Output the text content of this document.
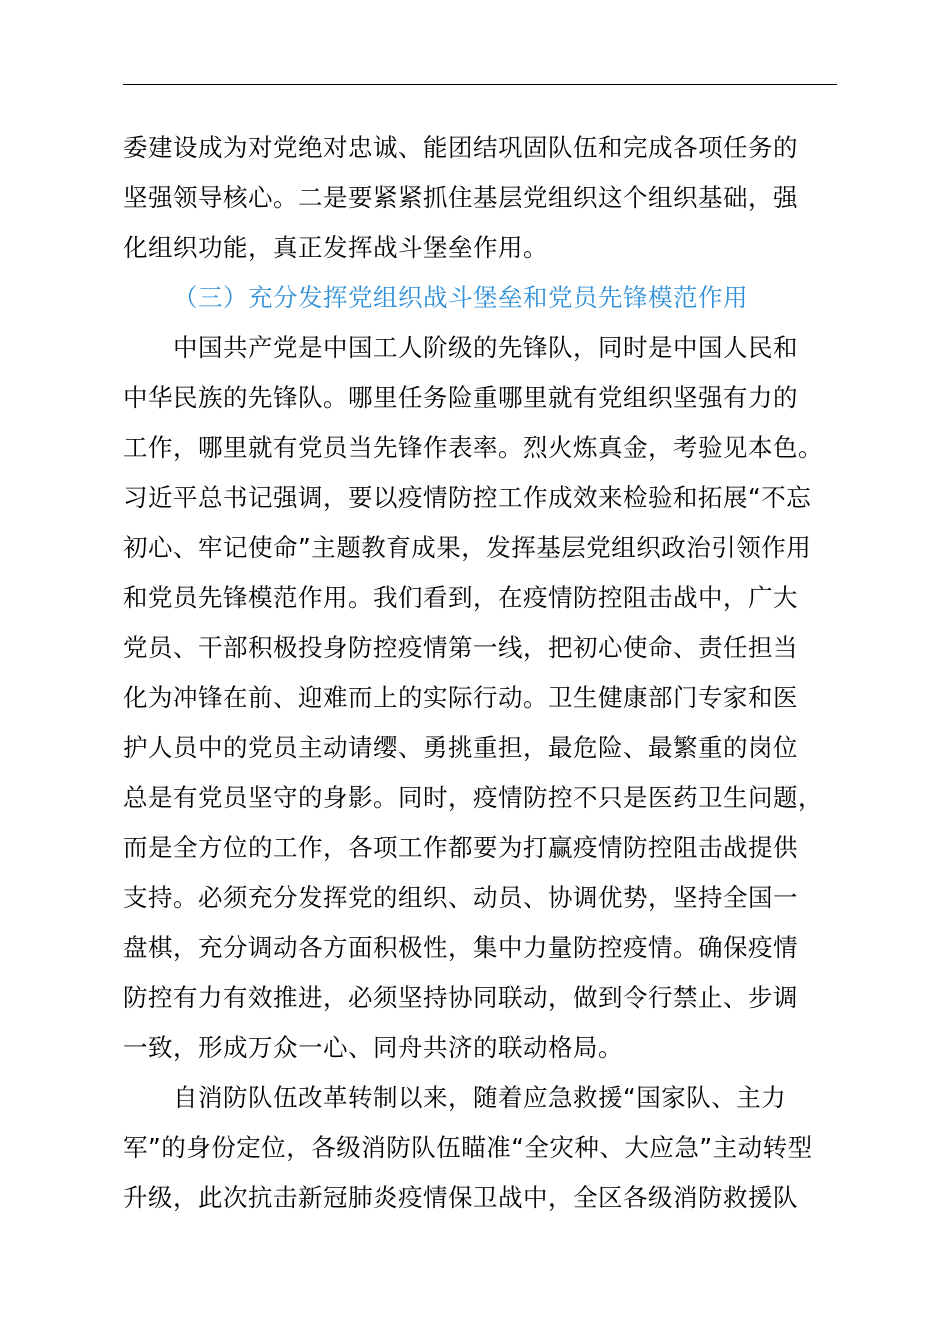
委建设成为对党绝对忠诚、能团结巩固队伍和完成各项任务的
坚强领导核心。二是要紧紧抓住基层党组织这个组织基础，强
化组织功能，真正发挥战斗堡垒作用。
（三）充分发挥党组织战斗堡垒和党员先锋模范作用
中国共产党是中国工人阶级的先锋队，同时是中国人民和
中华民族的先锋队。哪里任务险重哪里就有党组织坚强有力的
工作，哪里就有党员当先锋作表率。烈火炼真金，考验见本色。
习近平总书记强调，要以疫情防控工作成效来检验和拓展“不忘
初心、牢记使命”主题教育成果，发挥基层党组织政治引领作用
和党员先锋模范作用。我们看到，在疫情防控阻击战中，广大
党员、干部积极投身防控疫情第一线，把初心使命、责任担当
化为冲锋在前、迎难而上的实际行动。卫生健康部门专家和医
护人员中的党员主动请缨、勇挑重担，最危险、最繁重的岗位
总是有党员坚守的身影。同时，疫情防控不只是医药卫生问题，
而是全方位的工作，各项工作都要为打赢疫情防控阻击战提供
支持。必须充分发挥党的组织、动员、协调优势，坚持全国一
盘棋，充分调动各方面积极性，集中力量防控疫情。确保疫情
防控有力有效推进，必须坚持协同联动，做到令行禁止、步调
一致，形成万众一心、同舟共济的联动格局。
自消防队伍改革转制以来，随着应急救援“国家队、主力
军”的身份定位，各级消防队伍瞄准“全灾种、大应急”主动转型
升级，此次抗击新冠肺炎疫情保卫战中，全区各级消防救援队
